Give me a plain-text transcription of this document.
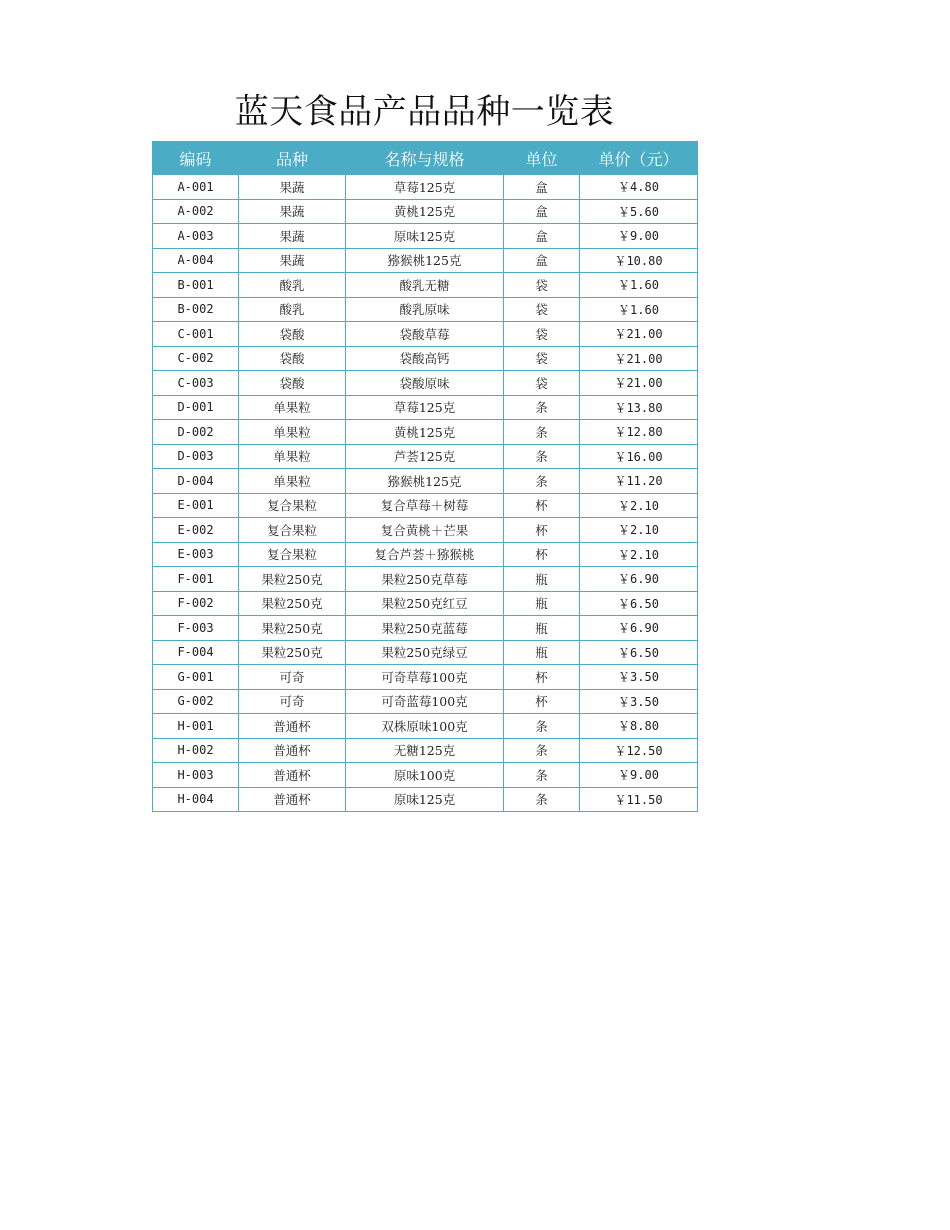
蓝天食品产品品种一览表
编码	品种	名称与规格	单位	单价（元）
A-001	果蔬	草莓125克	盒	￥4.80
A-002	果蔬	黄桃125克	盒	￥5.60
A-003	果蔬	原味125克	盒	￥9.00
A-004	果蔬	猕猴桃125克	盒	￥10.80
B-001	酸乳	酸乳无糖	袋	￥1.60
B-002	酸乳	酸乳原味	袋	￥1.60
C-001	袋酸	袋酸草莓	袋	￥21.00
C-002	袋酸	袋酸高钙	袋	￥21.00
C-003	袋酸	袋酸原味	袋	￥21.00
D-001	单果粒	草莓125克	条	￥13.80
D-002	单果粒	黄桃125克	条	￥12.80
D-003	单果粒	芦荟125克	条	￥16.00
D-004	单果粒	猕猴桃125克	条	￥11.20
E-001	复合果粒	复合草莓＋树莓	杯	￥2.10
E-002	复合果粒	复合黄桃＋芒果	杯	￥2.10
E-003	复合果粒	复合芦荟＋猕猴桃	杯	￥2.10
F-001	果粒250克	果粒250克草莓	瓶	￥6.90
F-002	果粒250克	果粒250克红豆	瓶	￥6.50
F-003	果粒250克	果粒250克蓝莓	瓶	￥6.90
F-004	果粒250克	果粒250克绿豆	瓶	￥6.50
G-001	可奇	可奇草莓100克	杯	￥3.50
G-002	可奇	可奇蓝莓100克	杯	￥3.50
H-001	普通杯	双株原味100克	条	￥8.80
H-002	普通杯	无糖125克	条	￥12.50
H-003	普通杯	原味100克	条	￥9.00
H-004	普通杯	原味125克	条	￥11.50
